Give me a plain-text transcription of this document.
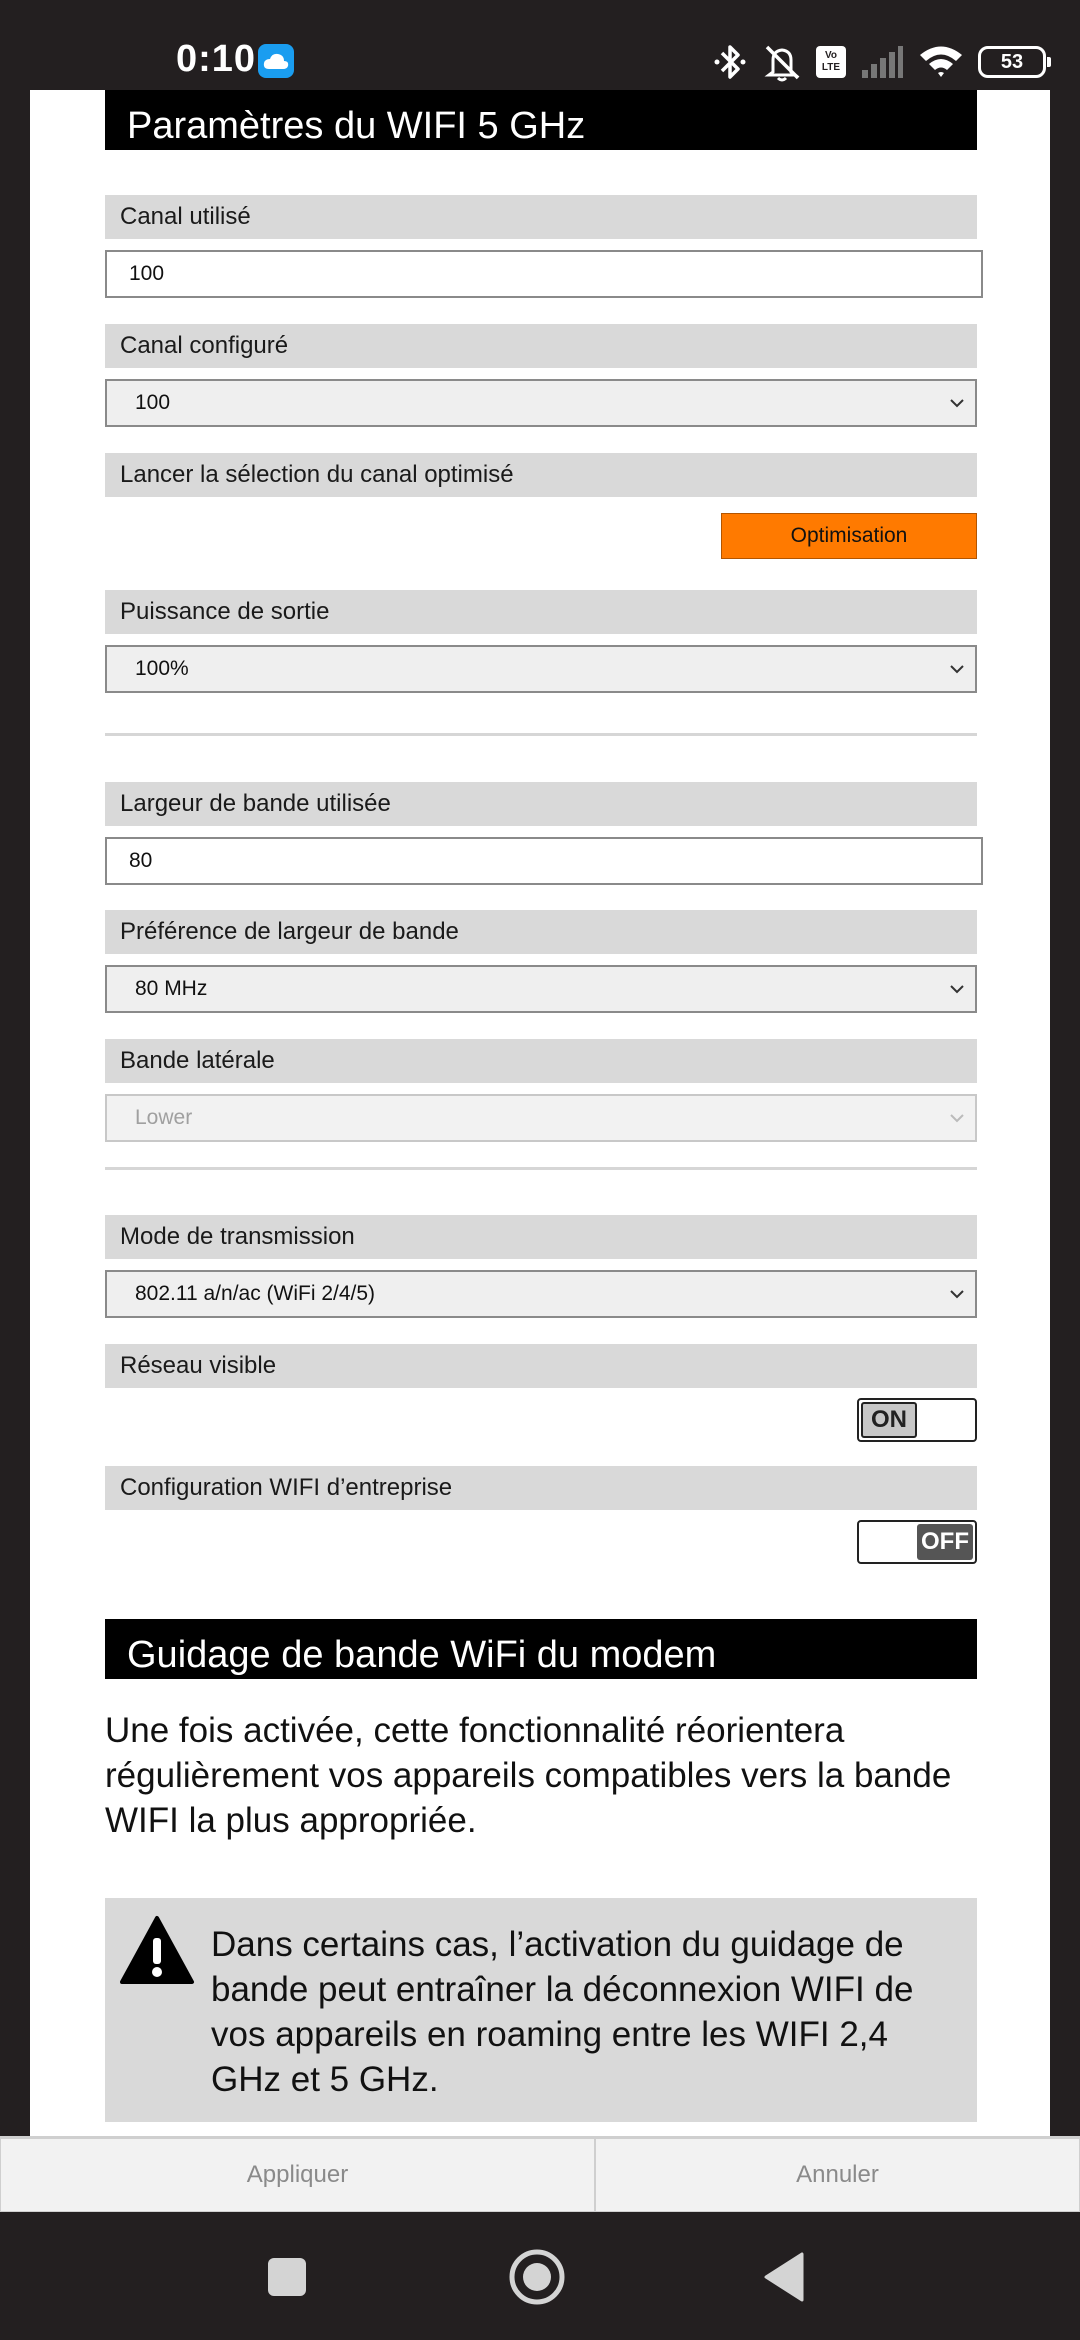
0:10	Vo
LTE	53
Paramètres du WIFI 5 GHz
Canal utilisé
100
Canal configuré
100
Lancer la sélection du canal optimisé
Optimisation
Puissance de sortie
100%
Largeur de bande utilisée
80
Préférence de largeur de bande
80 MHz
Bande latérale
Lower
Mode de transmission
802.11 a/n/ac (WiFi 2/4/5)
Réseau visible
ON
Configuration WIFI d’entreprise
OFF
Guidage de bande WiFi du modem
Une fois activée, cette fonctionnalité réorientera régulièrement vos appareils compatibles vers la bande WIFI la plus appropriée.
Dans certains cas, l’activation du guidage de bande peut entraîner la déconnexion WIFI de vos appareils en roaming entre les WIFI 2,4 GHz et 5 GHz.
Appliquer	Annuler
